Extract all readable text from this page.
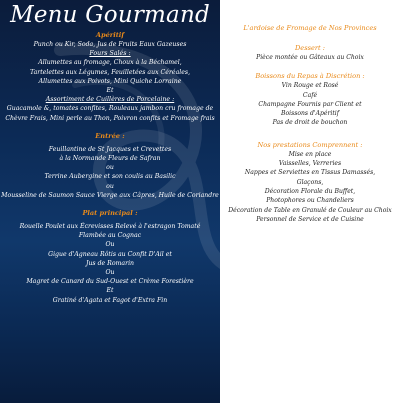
Menu Gourmand
Apéritif
Punch ou Kir, Soda, Jus de Fruits Eaux Gazeuses
Fours Salés :
Allumettes au fromage, Choux à la Béchamel,
Tartelettes aux Légumes, Feuilletées aux Céréales,
Allumettes aux Poivots, Mini Quiche Lorraine
Et
Assortiment de Cuillères de Porcelaine :
Guacamole &, tomates confites, Rouleaux jambon cru fromage de
Chèvre Frais, Mini perle au Thon, Poivron confits et Fromage frais
Entrée :
Feuillantine de St Jacques et Crevettes
à la Normande Fleurs de Safran
ou
Terrine Aubergine et son coulis au Basilic
ou
Mousseline de Saumon Sauce Vierge aux Câpres, Huile de Coriandre
Plat principal :
Rouelle Poulet aux Écrevisses Relevé à l'estragon Tomaté
Flambée au Cognac
Ou
Gigue d'Agneau Rôtis au Confit D'Ail et
Jus de Romarin
Ou
Magret de Canard du Sud-Ouest et Crème Forestière
Et
Gratiné d'Agata et Fagot d'Extra Fin
L'ardoise de Fromage de Nos Provinces
Dessert :
Pièce montée ou Gâteaux au Choix
Boissons du Repas à Discrétion :
Vin Rouge et Rosé
Café
Champagne Fournis par Client et
Boissons d'Apéritif
Pas de droit de bouchon
Nos prestations Comprennent :
Mise en place
Vaisselles, Verreries
Nappes et Serviettes en Tissus Damassés,
Glaçons,
Décoration Florale du Buffet,
Photophores ou Chandeliers
Décoration de Table en Granulé de Couleur au Choix
Personnel de Service et de Cuisine
